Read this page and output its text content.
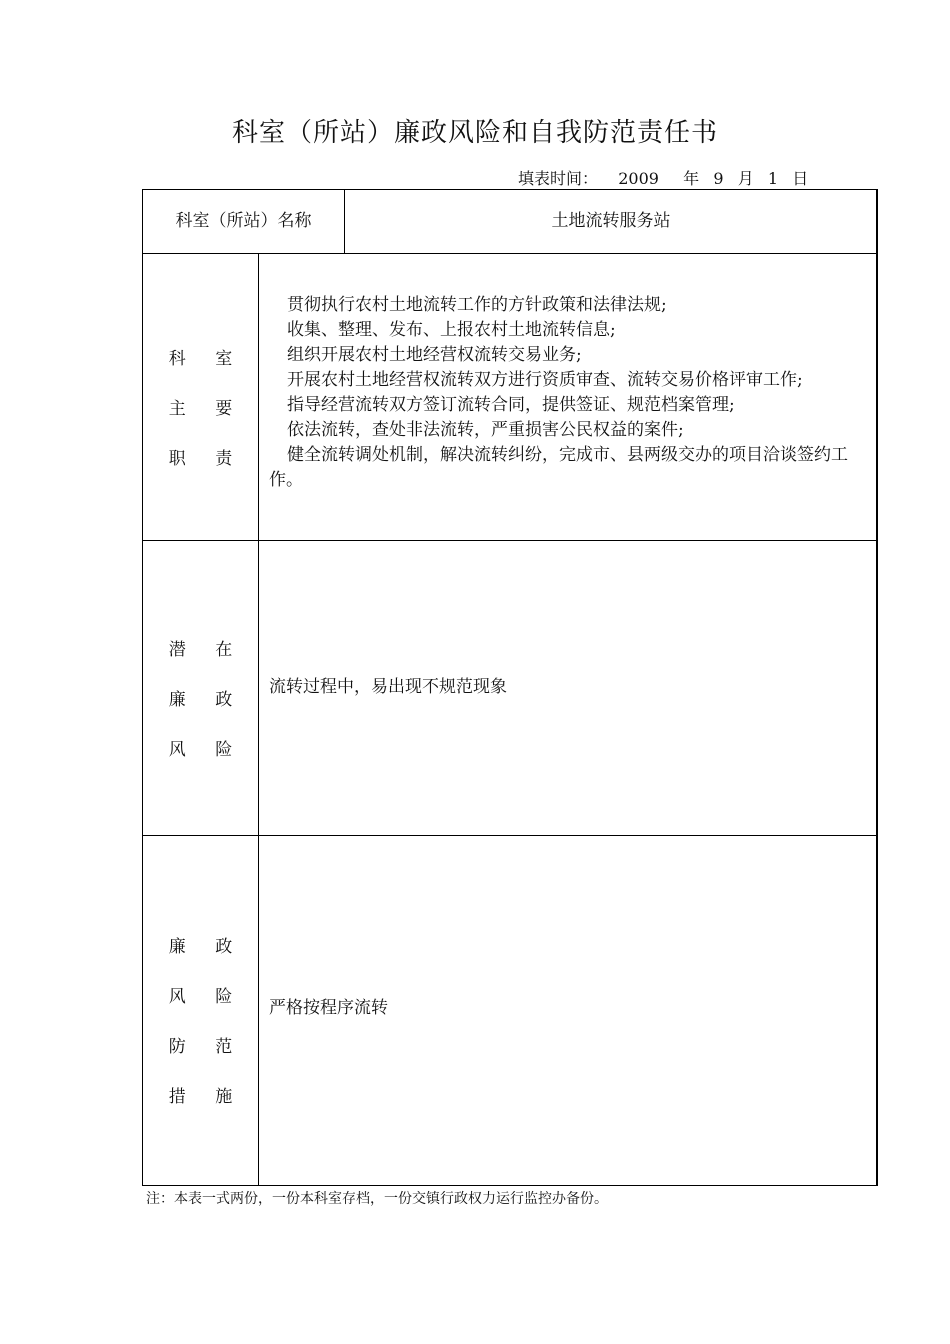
科室（所站）廉政风险和自我防范责任书
填表时间： 2009 年 9 月 1 日
科室（所站）名称	土地流转服务站
科 室
主 要
职 责

贯彻执行农村土地流转工作的方针政策和法律法规;

收集、整理、发布、上报农村土地流转信息;

组织开展农村土地经营权流转交易业务;

开展农村土地经营权流转双方进行资质审查、流转交易价格评审工作;

指导经营流转双方签订流转合同，提供签证、规范档案管理;

依法流转，查处非法流转，严重损害公民权益的案件;

健全流转调处机制，解决流转纠纷，完成市、县两级交办的项目洽谈签约工作。

潜 在
廉 政
风 险
流转过程中，易出现不规范现象
廉 政
风 险
防 范
措 施
严格按程序流转
注：本表一式两份，一份本科室存档，一份交镇行政权力运行监控办备份。
